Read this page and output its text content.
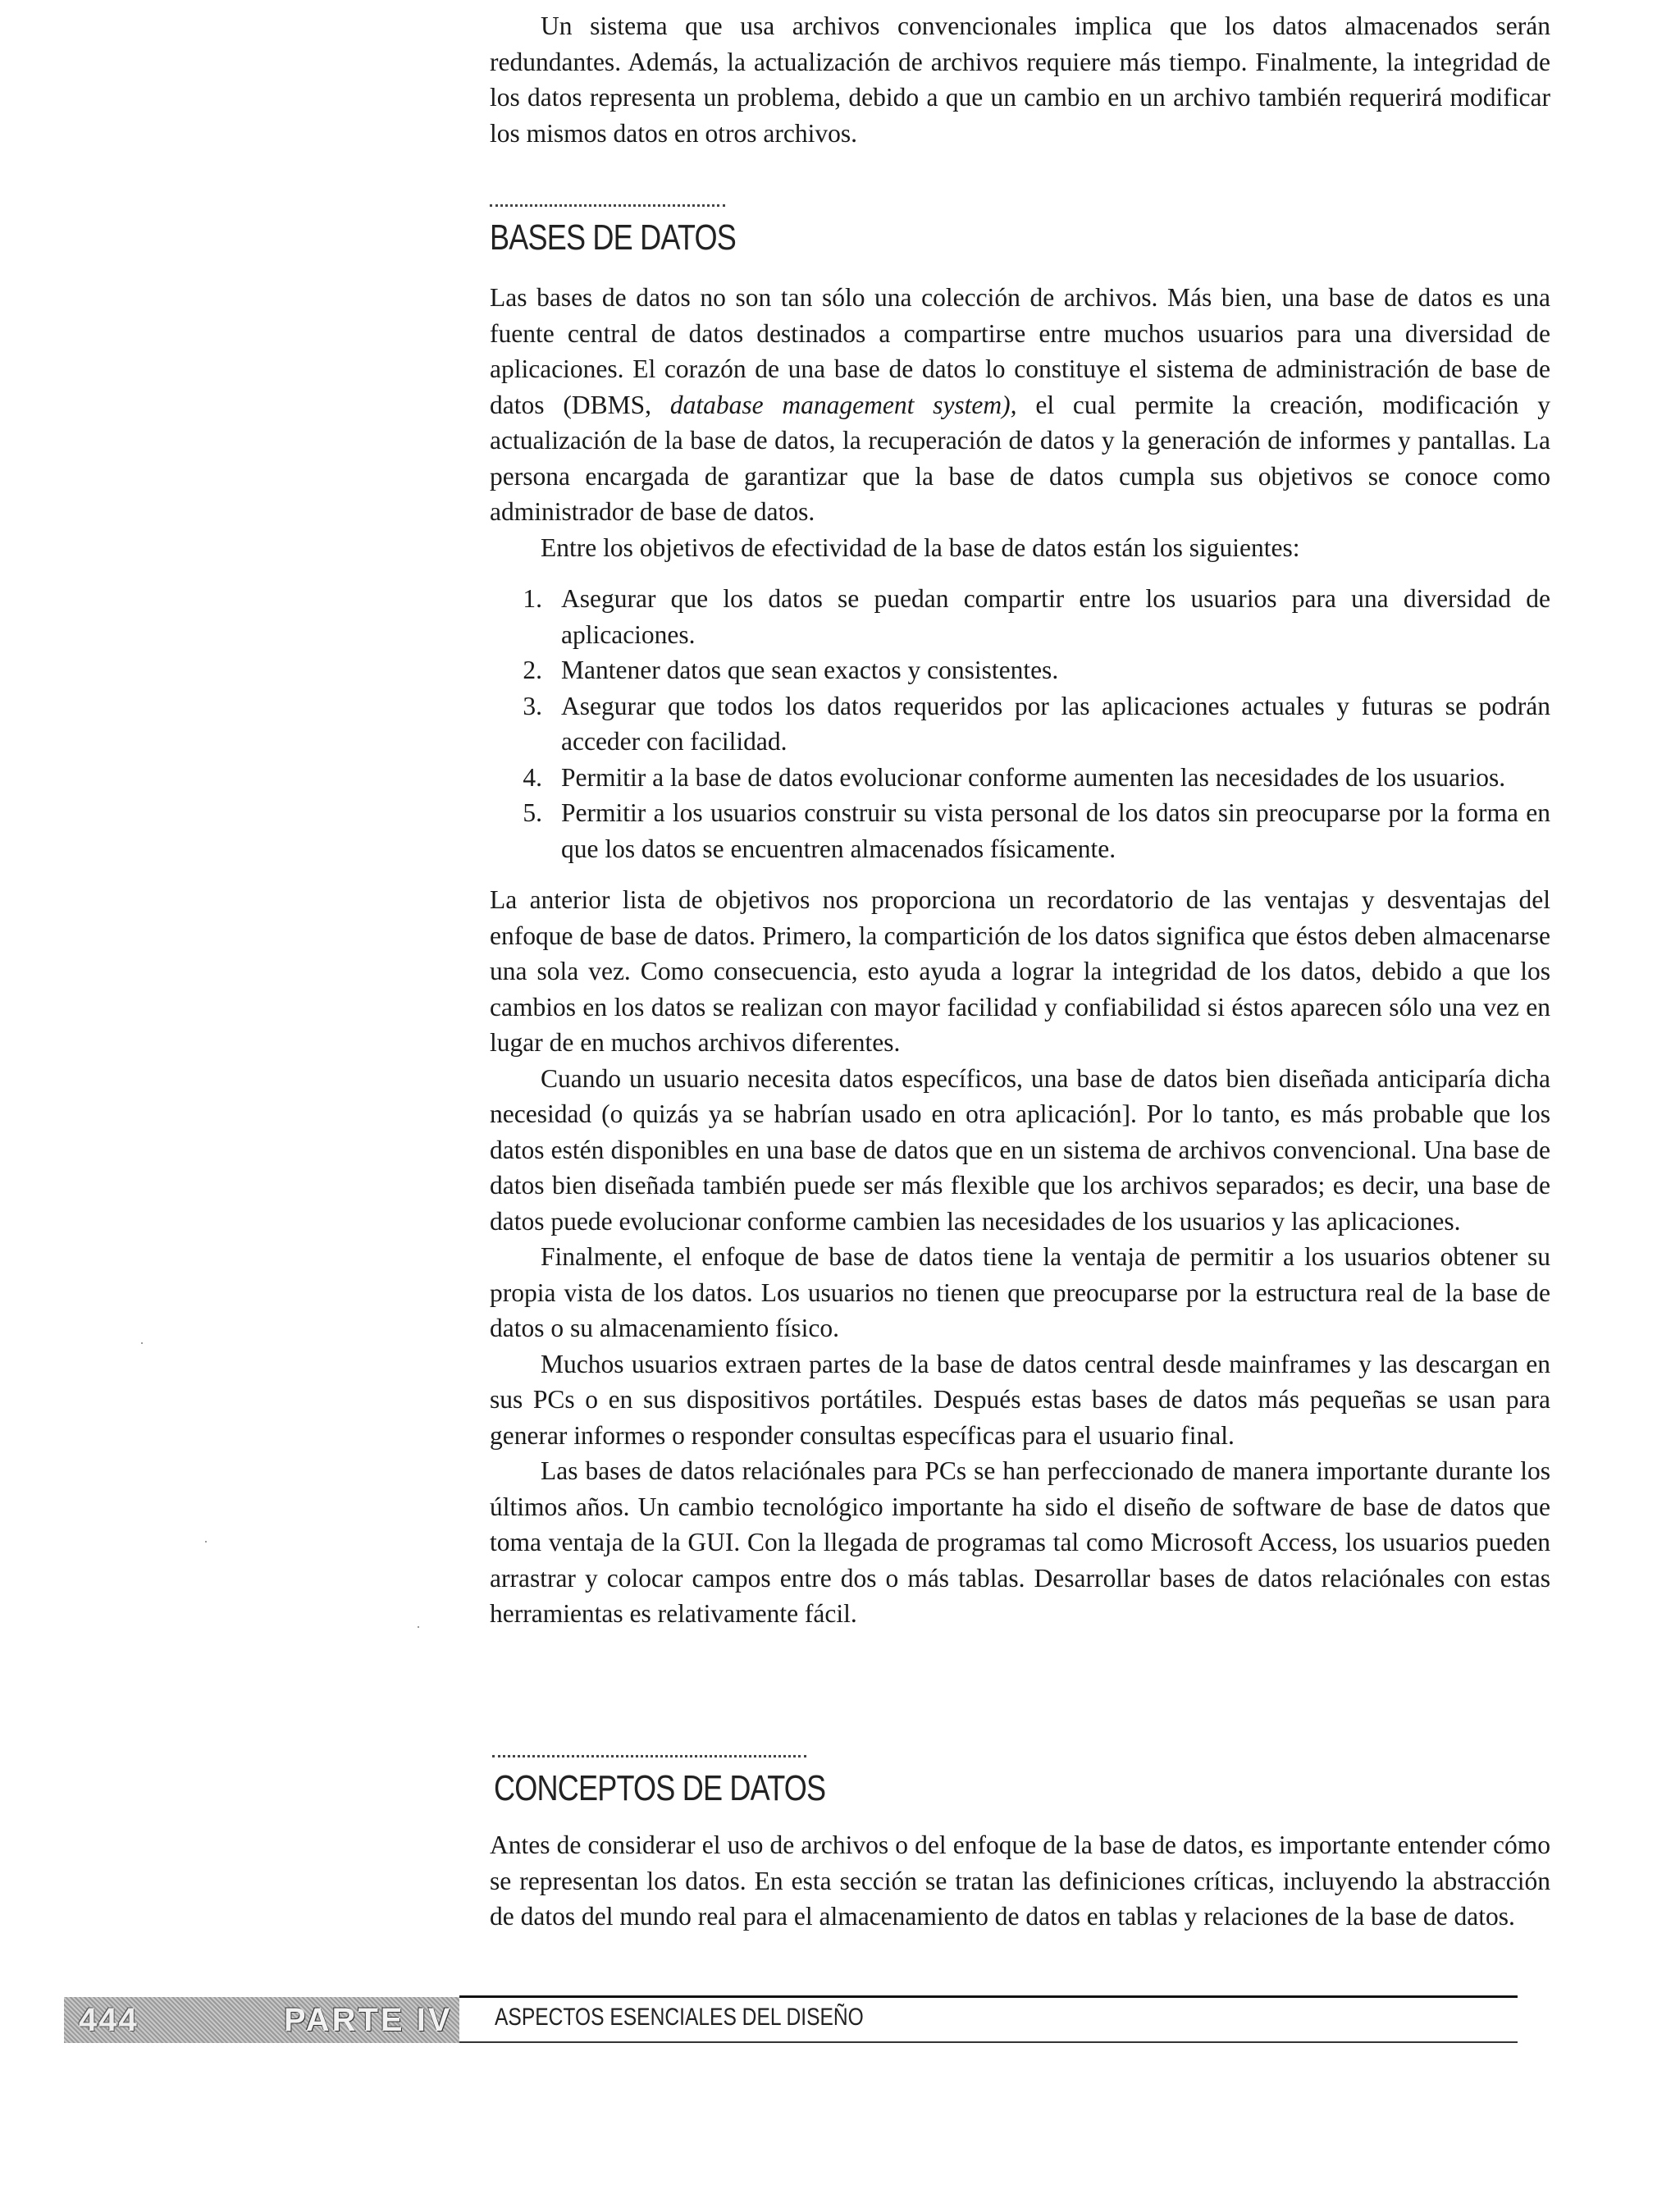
Un sistema que usa archivos convencionales implica que los datos almacenados serán redundantes. Además, la actualización de archivos requiere más tiempo. Finalmente, la integridad de los datos representa un problema, debido a que un cambio en un archivo también requerirá modificar los mismos datos en otros archivos.

BASES DE DATOS

Las bases de datos no son tan sólo una colección de archivos. Más bien, una base de datos es una fuente central de datos destinados a compartirse entre muchos usuarios para una diversidad de aplicaciones. El corazón de una base de datos lo constituye el sistema de administración de base de datos (DBMS, database management system), el cual permite la creación, modificación y actualización de la base de datos, la recuperación de datos y la generación de informes y pantallas. La persona encargada de garantizar que la base de datos cumpla sus objetivos se conoce como administrador de base de datos.

Entre los objetivos de efectividad de la base de datos están los siguientes:

1. Asegurar que los datos se puedan compartir entre los usuarios para una diversidad de aplicaciones.
2. Mantener datos que sean exactos y consistentes.
3. Asegurar que todos los datos requeridos por las aplicaciones actuales y futuras se podrán acceder con facilidad.
4. Permitir a la base de datos evolucionar conforme aumenten las necesidades de los usuarios.
5. Permitir a los usuarios construir su vista personal de los datos sin preocuparse por la forma en que los datos se encuentren almacenados físicamente.

La anterior lista de objetivos nos proporciona un recordatorio de las ventajas y desventajas del enfoque de base de datos. Primero, la compartición de los datos significa que éstos deben almacenarse una sola vez. Como consecuencia, esto ayuda a lograr la integridad de los datos, debido a que los cambios en los datos se realizan con mayor facilidad y confiabilidad si éstos aparecen sólo una vez en lugar de en muchos archivos diferentes.

Cuando un usuario necesita datos específicos, una base de datos bien diseñada anticiparía dicha necesidad (o quizás ya se habrían usado en otra aplicación]. Por lo tanto, es más probable que los datos estén disponibles en una base de datos que en un sistema de archivos convencional. Una base de datos bien diseñada también puede ser más flexible que los archivos separados; es decir, una base de datos puede evolucionar conforme cambien las necesidades de los usuarios y las aplicaciones.

Finalmente, el enfoque de base de datos tiene la ventaja de permitir a los usuarios obtener su propia vista de los datos. Los usuarios no tienen que preocuparse por la estructura real de la base de datos o su almacenamiento físico.

Muchos usuarios extraen partes de la base de datos central desde mainframes y las descargan en sus PCs o en sus dispositivos portátiles. Después estas bases de datos más pequeñas se usan para generar informes o responder consultas específicas para el usuario final.

Las bases de datos relaciónales para PCs se han perfeccionado de manera importante durante los últimos años. Un cambio tecnológico importante ha sido el diseño de software de base de datos que toma ventaja de la GUI. Con la llegada de programas tal como Microsoft Access, los usuarios pueden arrastrar y colocar campos entre dos o más tablas. Desarrollar bases de datos relaciónales con estas herramientas es relativamente fácil.

CONCEPTOS DE DATOS

Antes de considerar el uso de archivos o del enfoque de la base de datos, es importante entender cómo se representan los datos. En esta sección se tratan las definiciones críticas, incluyendo la abstracción de datos del mundo real para el almacenamiento de datos en tablas y relaciones de la base de datos.

444	PARTE IV ASPECTOS ESENCIALES DEL DISEÑO
